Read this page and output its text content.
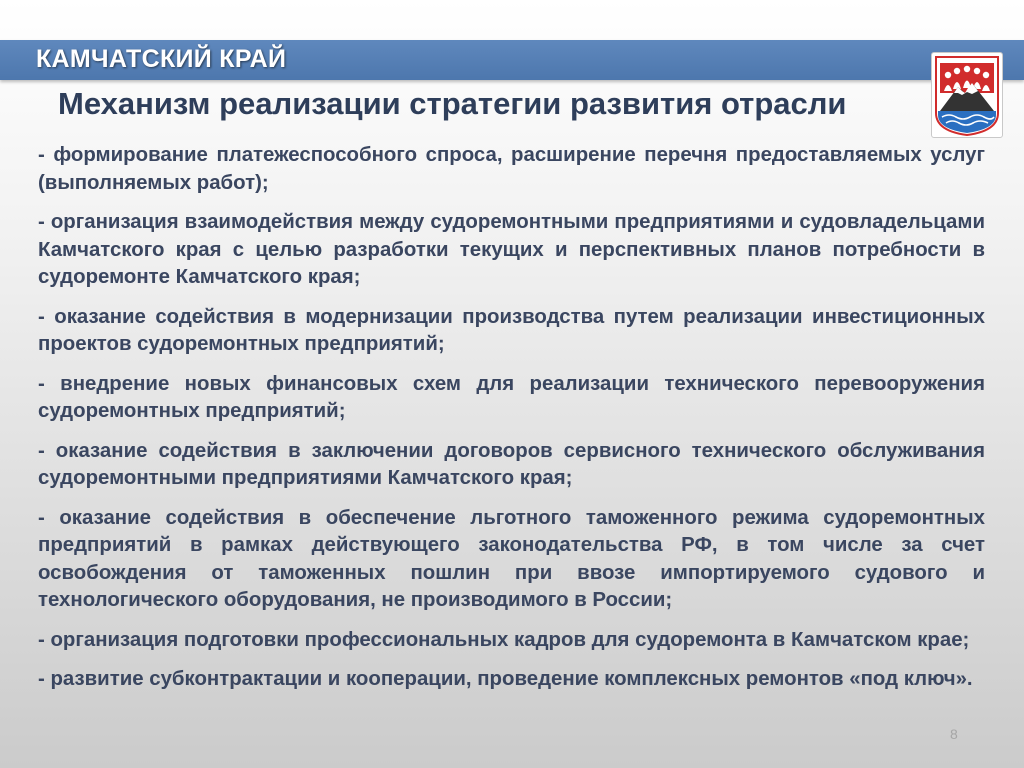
КАМЧАТСКИЙ КРАЙ
Механизм реализации стратегии развития отрасли

- формирование платежеспособного спроса, расширение перечня предоставляемых услуг (выполняемых работ);

- организация взаимодействия между судоремонтными предприятиями и судовладельцами Камчатского края с целью разработки текущих и перспективных планов потребности в судоремонте Камчатского края;

- оказание содействия в модернизации производства путем реализации инвестиционных проектов судоремонтных предприятий;

- внедрение новых финансовых схем для реализации технического перевооружения судоремонтных предприятий;

- оказание содействия в заключении договоров сервисного технического обслуживания судоремонтными предприятиями Камчатского края;

- оказание содействия в обеспечение льготного таможенного режима судоремонтных предприятий в рамках действующего законодательства РФ, в том числе за счет освобождения от таможенных пошлин при ввозе импортируемого судового и технологического оборудования, не производимого в России;

- организация подготовки профессиональных кадров для судоремонта в Камчатском крае;

- развитие субконтрактации и кооперации, проведение комплексных ремонтов «под ключ».

8
